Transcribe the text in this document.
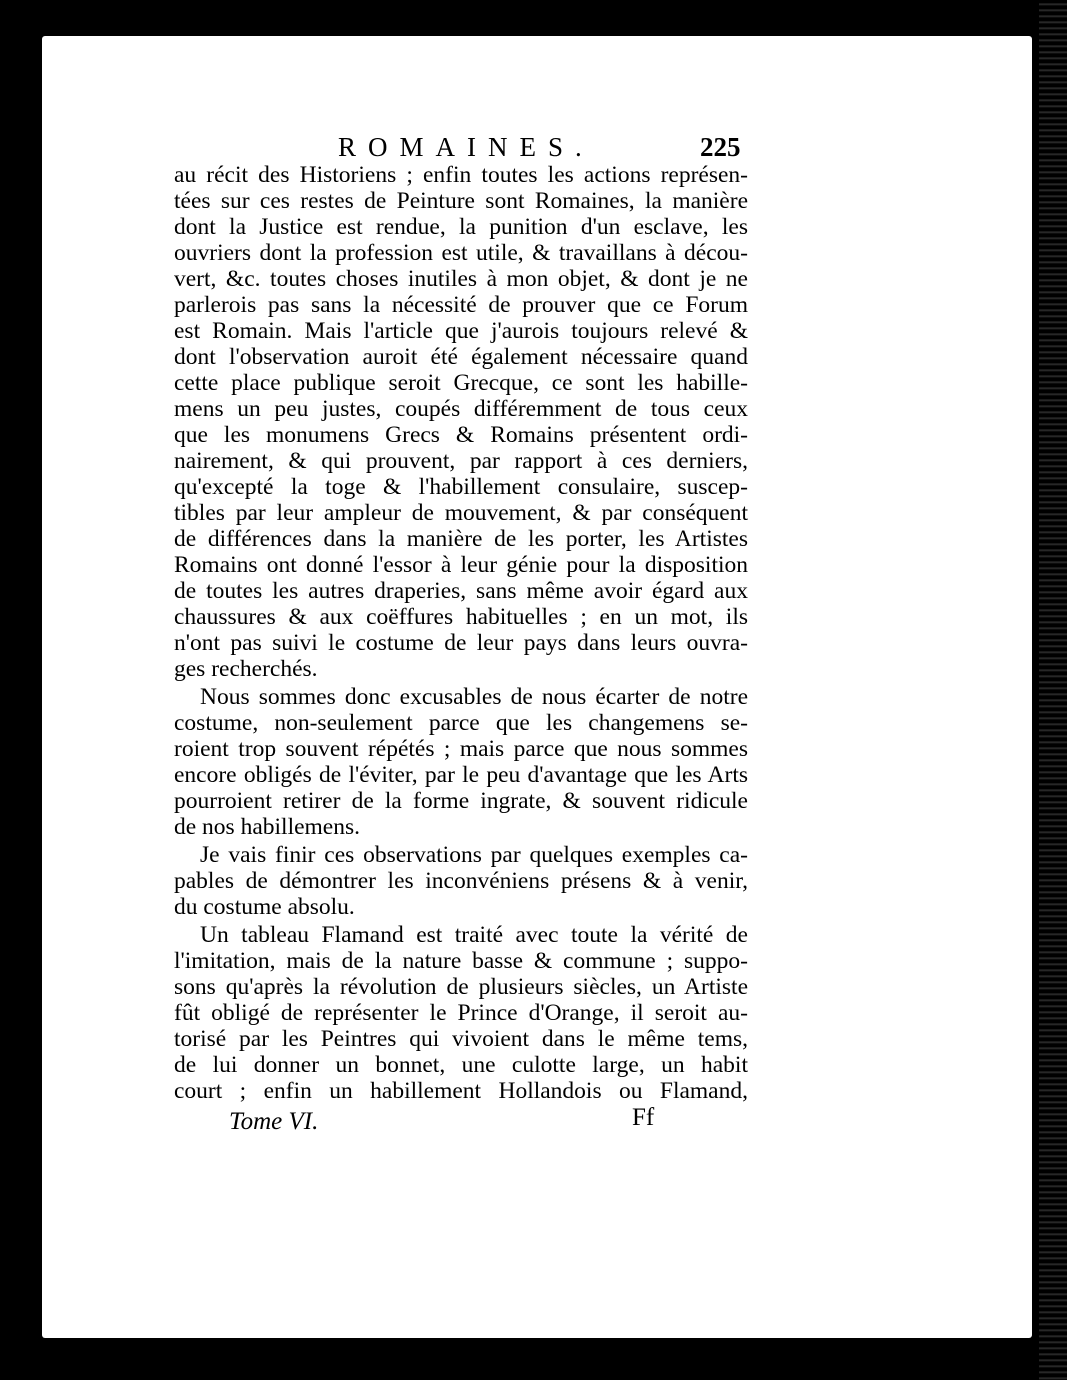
ROMAINES.	225
au récit des Historiens ; enfin toutes les actions représen-
tées sur ces restes de Peinture sont Romaines, la manière
dont la Justice est rendue, la punition d'un esclave, les
ouvriers dont la profession est utile, & travaillans à décou-
vert, &c. toutes choses inutiles à mon objet, & dont je ne
parlerois pas sans la nécessité de prouver que ce Forum
est Romain. Mais l'article que j'aurois toujours relevé &
dont l'observation auroit été également nécessaire quand
cette place publique seroit Grecque, ce sont les habille-
mens un peu justes, coupés différemment de tous ceux
que les monumens Grecs & Romains présentent ordi-
nairement, & qui prouvent, par rapport à ces derniers,
qu'excepté la toge & l'habillement consulaire, suscep-
tibles par leur ampleur de mouvement, & par conséquent
de différences dans la manière de les porter, les Artistes
Romains ont donné l'essor à leur génie pour la disposition
de toutes les autres draperies, sans même avoir égard aux
chaussures & aux coëffures habituelles ; en un mot, ils
n'ont pas suivi le costume de leur pays dans leurs ouvra-
ges recherchés.
Nous sommes donc excusables de nous écarter de notre
costume, non-seulement parce que les changemens se-
roient trop souvent répétés ; mais parce que nous sommes
encore obligés de l'éviter, par le peu d'avantage que les Arts
pourroient retirer de la forme ingrate, & souvent ridicule
de nos habillemens.
Je vais finir ces observations par quelques exemples ca-
pables de démontrer les inconvéniens présens & à venir,
du costume absolu.
Un tableau Flamand est traité avec toute la vérité de
l'imitation, mais de la nature basse & commune ; suppo-
sons qu'après la révolution de plusieurs siècles, un Artiste
fût obligé de représenter le Prince d'Orange, il seroit au-
torisé par les Peintres qui vivoient dans le même tems,
de lui donner un bonnet, une culotte large, un habit
court ; enfin un habillement Hollandois ou Flamand,
Tome VI.	Ff
